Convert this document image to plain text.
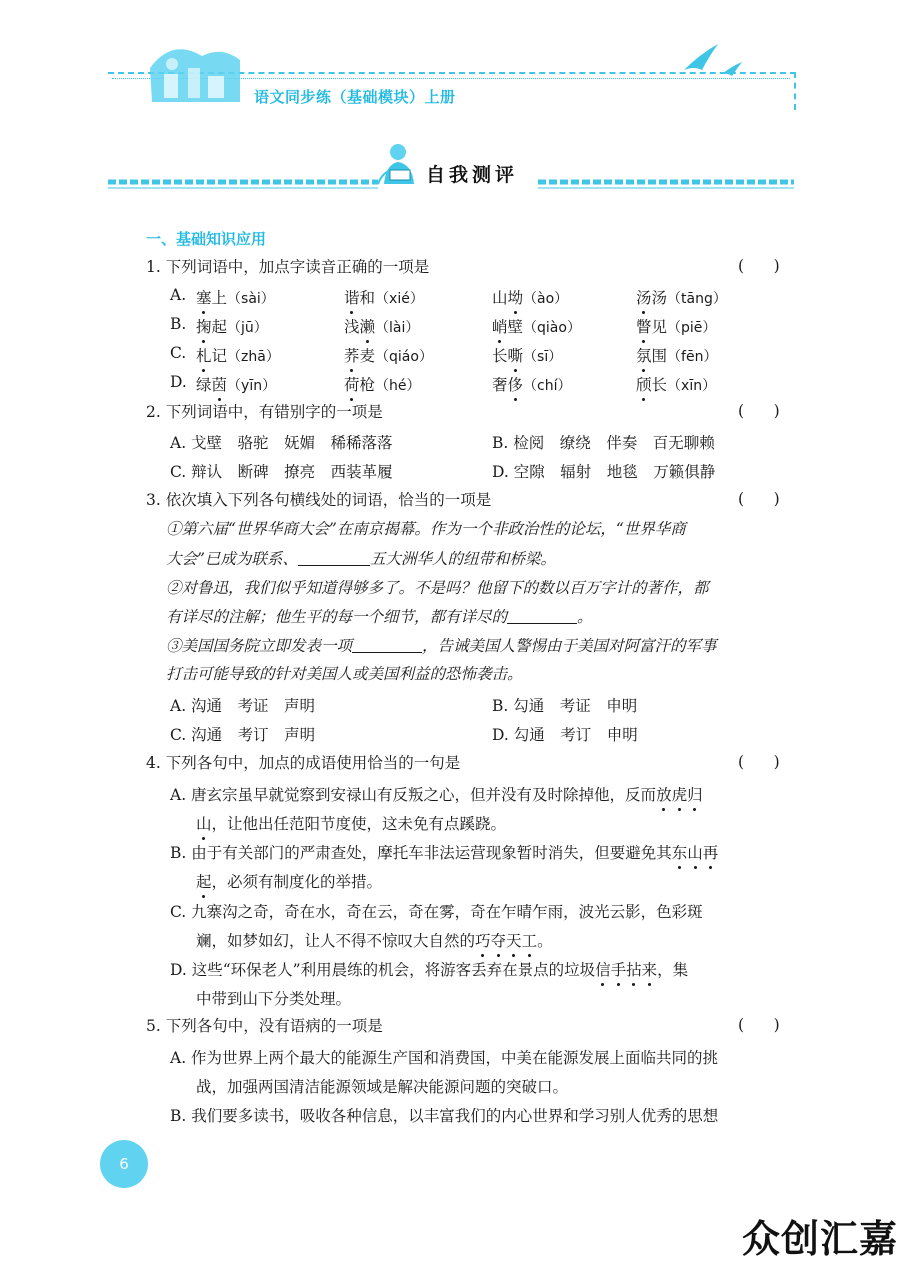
语文同步练（基础模块）上册
自我测评
一、基础知识应用
1. 下列词语中，加点字读音正确的一项是	(      )
A. 塞上（sài）	谐和（xié）	山坳（ào）	汤汤（tāng）
B. 掬起（jū）	浅濑（lài）	峭壁（qiào）	瞥见（piē）
C. 札记（zhā）	荞麦（qiáo）	长嘶（sī）	氛围（fēn）
D. 绿茵（yīn）	荷枪（hé）	奢侈（chí）	颀长（xīn）
2. 下列词语中，有错别字的一项是	(      )
A. 戈壁　骆驼　妩媚　稀稀落落	B. 检阅　缭绕　伴奏　百无聊赖
C. 辩认　断碑　撩亮　西装革履	D. 空隙　辐射　地毯　万籁俱静
3. 依次填入下列各句横线处的词语，恰当的一项是	(      )
①第六届“世界华商大会”在南京揭幕。作为一个非政治性的论坛，“世界华商
大会”已成为联系、	五大洲华人的纽带和桥梁。
②对鲁迅，我们似乎知道得够多了。不是吗？他留下的数以百万字计的著作，都
有详尽的注解；他生平的每一个细节，都有详尽的	。
③美国国务院立即发表一项	，告诫美国人警惕由于美国对阿富汗的军事
打击可能导致的针对美国人或美国利益的恐怖袭击。
A. 沟通　考证　声明	B. 勾通　考证　申明
C. 沟通　考订　声明	D. 勾通　考订　申明
4. 下列各句中，加点的成语使用恰当的一句是	(      )
A. 唐玄宗虽早就觉察到安禄山有反叛之心，但并没有及时除掉他，反而放虎归
山，让他出任范阳节度使，这未免有点蹊跷。
B. 由于有关部门的严肃查处，摩托车非法运营现象暂时消失，但要避免其东山再
起，必须有制度化的举措。
C. 九寨沟之奇，奇在水，奇在云，奇在雾，奇在乍晴乍雨，波光云影，色彩斑
斓，如梦如幻，让人不得不惊叹大自然的巧夺天工。
D. 这些“环保老人”利用晨练的机会，将游客丢弃在景点的垃圾信手拈来，集
中带到山下分类处理。
5. 下列各句中，没有语病的一项是	(      )
A. 作为世界上两个最大的能源生产国和消费国，中美在能源发展上面临共同的挑
战，加强两国清洁能源领域是解决能源问题的突破口。
B. 我们要多读书，吸收各种信息，以丰富我们的内心世界和学习别人优秀的思想
6
众创汇嘉
